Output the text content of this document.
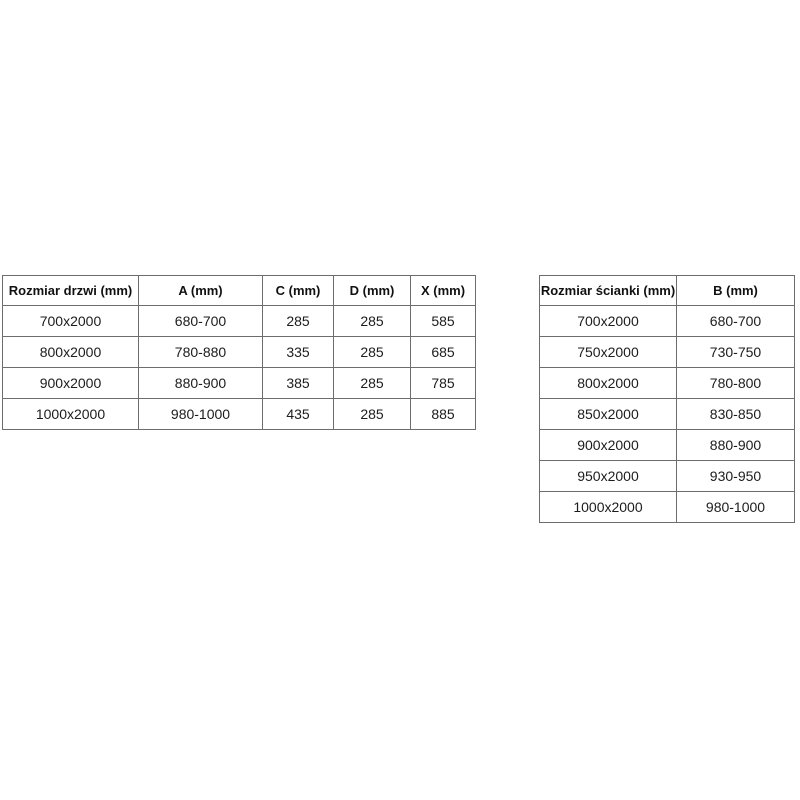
Rozmiar drzwi (mm)	A (mm)	C (mm)	D (mm)	X (mm)
700x2000	680-700	285	285	585
800x2000	780-880	335	285	685
900x2000	880-900	385	285	785
1000x2000	980-1000	435	285	885
Rozmiar ścianki (mm)	B (mm)
700x2000	680-700
750x2000	730-750
800x2000	780-800
850x2000	830-850
900x2000	880-900
950x2000	930-950
1000x2000	980-1000
